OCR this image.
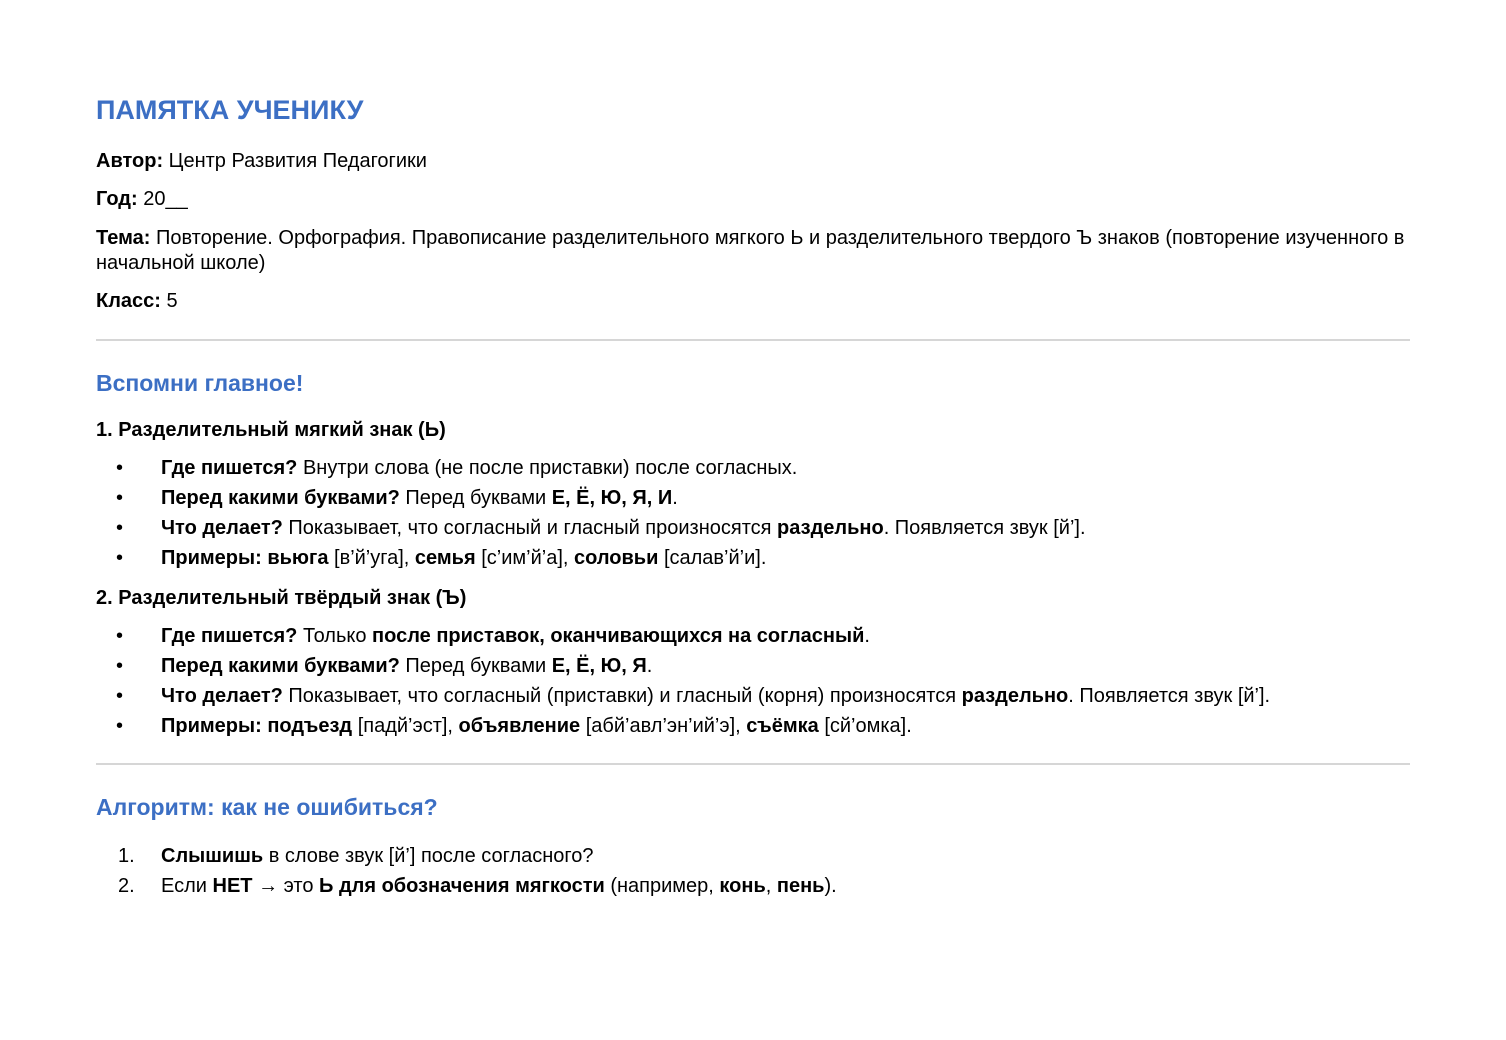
ПАМЯТКА УЧЕНИКУ

Автор: Центр Развития Педагогики

Год: 20__

Тема: Повторение. Орфография. Правописание разделительного мягкого Ь и разделительного твердого Ъ знаков (повторение изученного в начальной школе)

Класс: 5

Вспомни главное!

1. Разделительный мягкий знак (Ь)

• Где пишется? Внутри слова (не после приставки) после согласных.
• Перед какими буквами? Перед буквами Е, Ё, Ю, Я, И.
• Что делает? Показывает, что согласный и гласный произносятся раздельно. Появляется звук [й’].
• Примеры: вьюга [в’й’уга], семья [с’им’й’а], соловьи [салав’й’и].

2. Разделительный твёрдый знак (Ъ)

• Где пишется? Только после приставок, оканчивающихся на согласный.
• Перед какими буквами? Перед буквами Е, Ё, Ю, Я.
• Что делает? Показывает, что согласный (приставки) и гласный (корня) произносятся раздельно. Появляется звук [й’].
• Примеры: подъезд [падй’эст], объявление [абй’авл’эн’ий’э], съёмка [сй’омка].
Алгоритм: как не ошибиться?
1. Слышишь в слове звук [й’] после согласного?
2. Если НЕТ → это Ь для обозначения мягкости (например, конь, пень).
